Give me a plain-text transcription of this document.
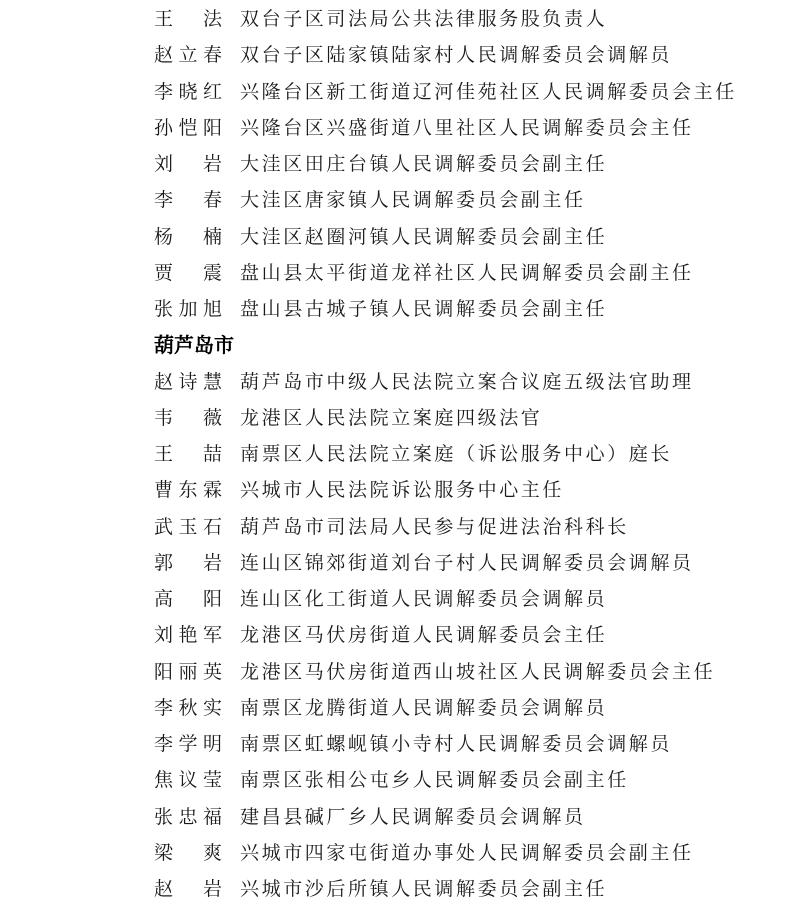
王 法 双台子区司法局公共法律服务股负责人
赵 立 春 双台子区陆家镇陆家村人民调解委员会调解员
李 晓 红 兴隆台区新工街道辽河佳苑社区人民调解委员会主任
孙 恺 阳 兴隆台区兴盛街道八里社区人民调解委员会主任
刘 岩 大洼区田庄台镇人民调解委员会副主任
李 春 大洼区唐家镇人民调解委员会副主任
杨 楠 大洼区赵圈河镇人民调解委员会副主任
贾 震 盘山县太平街道龙祥社区人民调解委员会副主任
张 加 旭 盘山县古城子镇人民调解委员会副主任
葫芦岛市
赵 诗 慧 葫芦岛市中级人民法院立案合议庭五级法官助理
韦 薇 龙港区人民法院立案庭四级法官
王 喆 南票区人民法院立案庭（诉讼服务中心）庭长
曹 东 霖 兴城市人民法院诉讼服务中心主任
武 玉 石 葫芦岛市司法局人民参与促进法治科科长
郭 岩 连山区锦郊街道刘台子村人民调解委员会调解员
高 阳 连山区化工街道人民调解委员会调解员
刘 艳 军 龙港区马伏房街道人民调解委员会主任
阳 丽 英 龙港区马伏房街道西山坡社区人民调解委员会主任
李 秋 实 南票区龙腾街道人民调解委员会调解员
李 学 明 南票区虹螺岘镇小寺村人民调解委员会调解员
焦 议 莹 南票区张相公屯乡人民调解委员会副主任
张 忠 福 建昌县碱厂乡人民调解委员会调解员
梁 爽 兴城市四家屯街道办事处人民调解委员会副主任
赵 岩 兴城市沙后所镇人民调解委员会副主任
